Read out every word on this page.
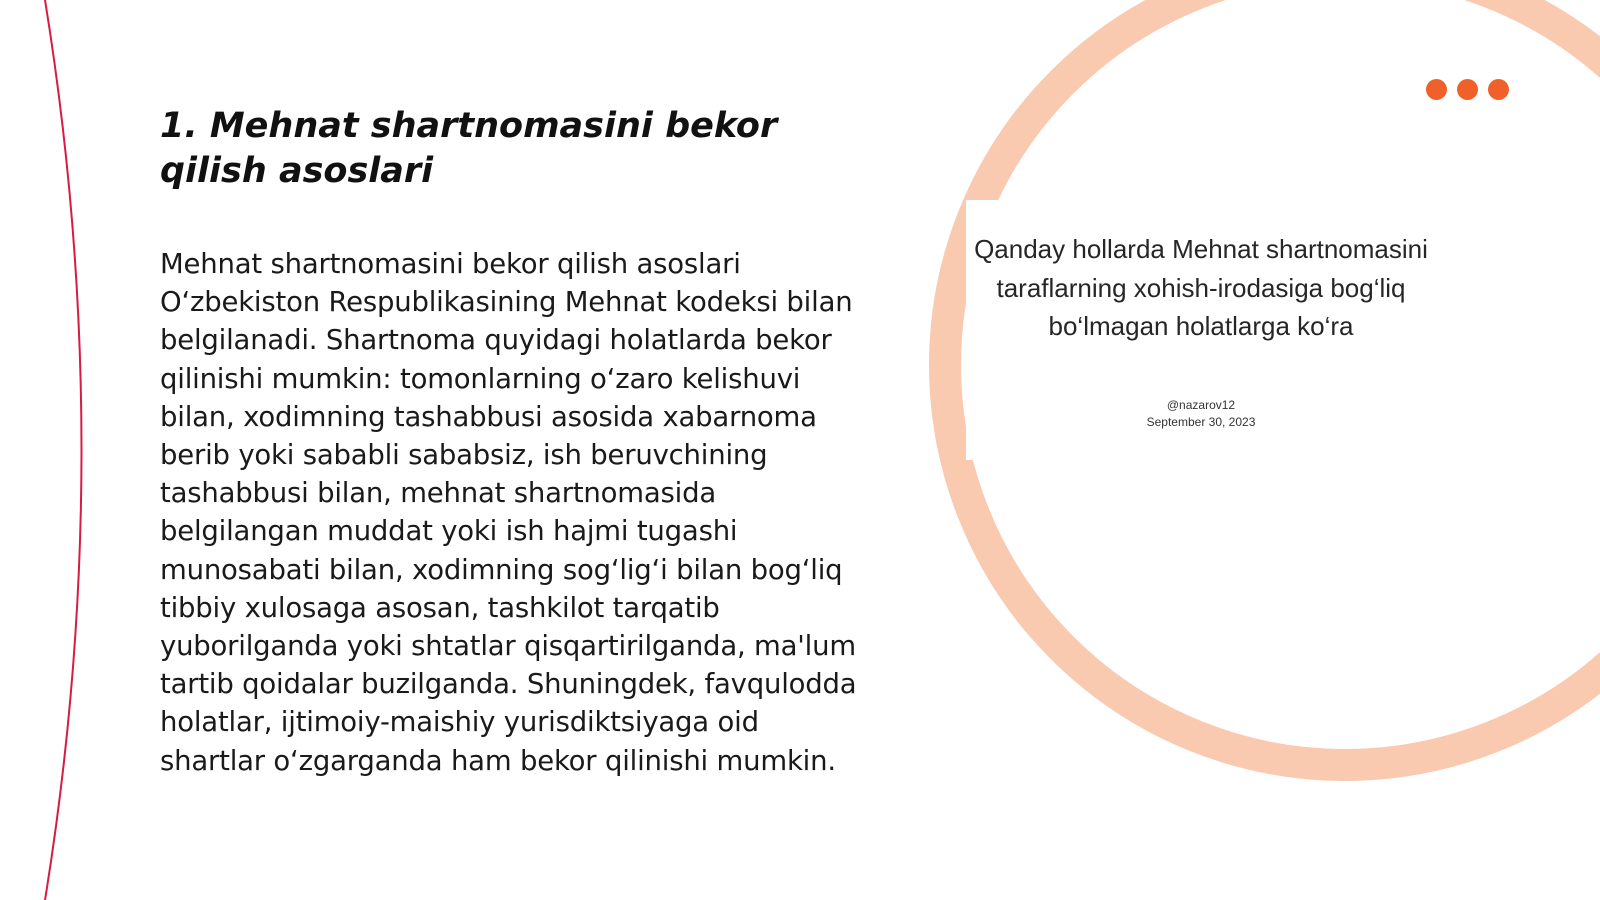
1. Mehnat shartnomasini bekor qilish asoslari

Mehnat shartnomasini bekor qilish asoslari O‘zbekiston Respublikasining Mehnat kodeksi bilan belgilanadi. Shartnoma quyidagi holatlarda bekor qilinishi mumkin: tomonlarning o‘zaro kelishuvi bilan, xodimning tashabbusi asosida xabarnoma berib yoki sababli sababsiz, ish beruvchining tashabbusi bilan, mehnat shartnomasida belgilangan muddat yoki ish hajmi tugashi munosabati bilan, xodimning sog‘lig‘i bilan bog‘liq tibbiy xulosaga asosan, tashkilot tarqatib yuborilganda yoki shtatlar qisqartirilganda, ma'lum tartib qoidalar buzilganda. Shuningdek, favqulodda holatlar, ijtimoiy-maishiy yurisdiktsiyaga oid shartlar o‘zgarganda ham bekor qilinishi mumkin.

Qanday hollarda Mehnat shartnomasini taraflarning xohish-irodasiga bog‘liq bo‘lmagan holatlarga ko‘ra

@nazarov12
September 30, 2023
